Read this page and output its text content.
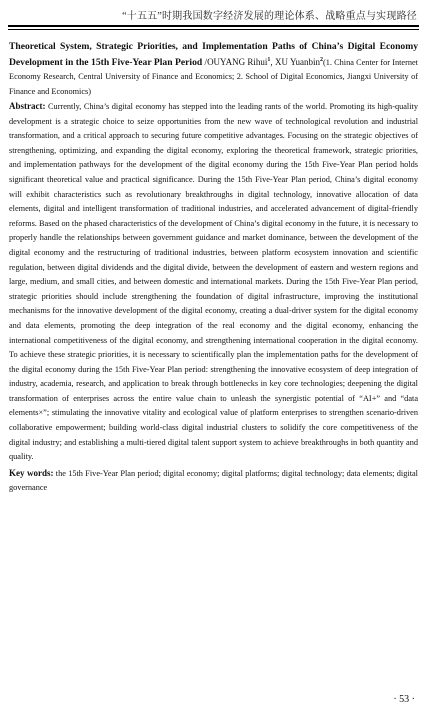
“十五五”时期我国数字经济发展的理论体系、战略重点与实现路径
Theoretical System, Strategic Priorities, and Implementation Paths of China’s Digital Economy Development in the 15th Five-Year Plan Period /OUYANG Rihui$^1$, XU Yuanbin$^2$(1. China Center for Internet Economy Research, Central University of Finance and Economics; 2. School of Digital Economics, Jiangxi University of Finance and Economics)
Abstract: Currently, China’s digital economy has stepped into the leading rants of the world. Promoting its high-quality development is a strategic choice to seize opportunities from the new wave of technological revolution and industrial transformation, and a critical approach to securing future competitive advantages. Focusing on the strategic objectives of strengthening, optimizing, and expanding the digital economy, exploring the theoretical framework, strategic priorities, and implementation pathways for the development of the digital economy during the 15th Five-Year Plan period holds significant theoretical value and practical significance. During the 15th Five-Year Plan period, China’s digital economy will exhibit characteristics such as revolutionary breakthroughs in digital technology, innovative allocation of data elements, digital and intelligent transformation of traditional industries, and accelerated advancement of digital-friendly reforms. Based on the phased characteristics of the development of China’s digital economy in the future, it is necessary to properly handle the relationships between government guidance and market dominance, between the development of the digital economy and the restructuring of traditional industries, between platform ecosystem innovation and scientific regulation, between digital dividends and the digital divide, between the development of eastern and western regions and large, medium, and small cities, and between domestic and international markets. During the 15th Five-Year Plan period, strategic priorities should include strengthening the foundation of digital infrastructure, improving the institutional mechanisms for the innovative development of the digital economy, creating a dual-driver system for the digital economy and data elements, promoting the deep integration of the real economy and the digital economy, enhancing the international competitiveness of the digital economy, and strengthening international cooperation in the digital economy. To achieve these strategic priorities, it is necessary to scientifically plan the implementation paths for the development of the digital economy during the 15th Five-Year Plan period: strengthening the innovative ecosystem of deep integration of industry, academia, research, and application to break through bottlenecks in key core technologies; deepening the digital transformation of enterprises across the entire value chain to unleash the synergistic potential of “AI+” and “data elements×”; stimulating the innovative vitality and ecological value of platform enterprises to strengthen scenario-driven collaborative empowerment; building world-class digital industrial clusters to solidify the core competitiveness of the digital industry; and establishing a multi-tiered digital talent support system to achieve breakthroughs in both quantity and quality.
Key words: the 15th Five-Year Plan period; digital economy; digital platforms; digital technology; data elements; digital governance
· 53 ·
